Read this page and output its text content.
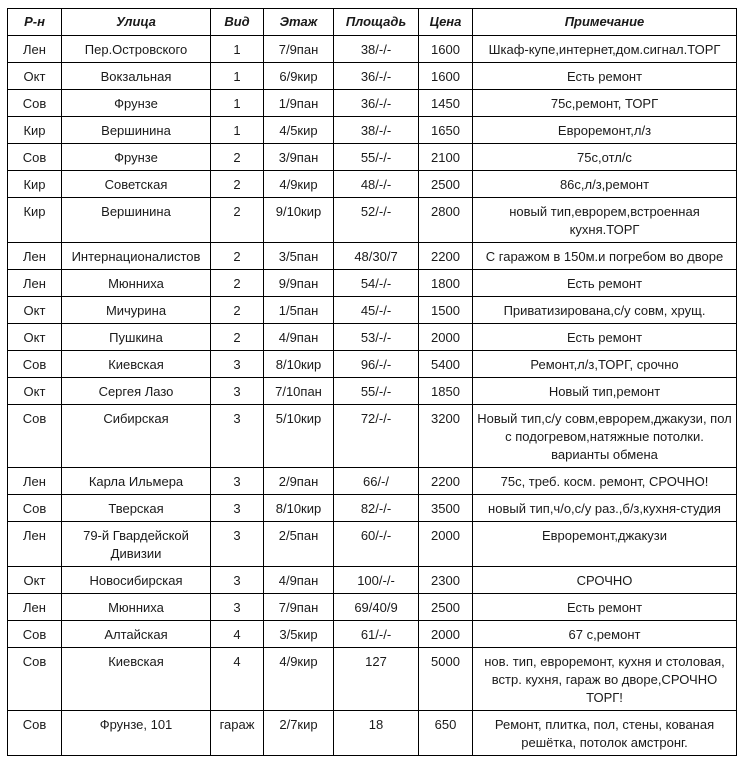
Р-н	Улица	Вид	Этаж	Площадь	Цена	Примечание
Лен	Пер.Островского	1	7/9пан	38/-/-	1600	Шкаф-купе,интернет,дом.сигнал.ТОРГ
Окт	Вокзальная	1	6/9кир	36/-/-	1600	Есть ремонт
Сов	Фрунзе	1	1/9пан	36/-/-	1450	75с,ремонт, ТОРГ
Кир	Вершинина	1	4/5кир	38/-/-	1650	Евроремонт,л/з
Сов	Фрунзе	2	3/9пан	55/-/-	2100	75с,отл/с
Кир	Советская	2	4/9кир	48/-/-	2500	86с,л/з,ремонт
Кир	Вершинина	2	9/10кир	52/-/-	2800	новый тип,еврорем,встроенная кухня.ТОРГ
Лен	Интернационалистов	2	3/5пан	48/30/7	2200	С гаражом в 150м.и погребом во дворе
Лен	Мюнниха	2	9/9пан	54/-/-	1800	Есть ремонт
Окт	Мичурина	2	1/5пан	45/-/-	1500	Приватизирована,с/у совм, хрущ.
Окт	Пушкина	2	4/9пан	53/-/-	2000	Есть ремонт
Сов	Киевская	3	8/10кир	96/-/-	5400	Ремонт,л/з,ТОРГ, срочно
Окт	Сергея Лазо	3	7/10пан	55/-/-	1850	Новый тип,ремонт
Сов	Сибирская	3	5/10кир	72/-/-	3200	Новый тип,с/у совм,еврорем,джакузи, пол с подогревом,натяжные потолки. варианты обмена
Лен	Карла Ильмера	3	2/9пан	66/-/	2200	75с, треб. косм. ремонт, СРОЧНО!
Сов	Тверская	3	8/10кир	82/-/-	3500	новый тип,ч/о,с/у раз.,б/з,кухня-студия
Лен	79-й Гвардейской Дивизии	3	2/5пан	60/-/-	2000	Евроремонт,джакузи
Окт	Новосибирская	3	4/9пан	100/-/-	2300	СРОЧНО
Лен	Мюнниха	3	7/9пан	69/40/9	2500	Есть ремонт
Сов	Алтайская	4	3/5кир	61/-/-	2000	67 с,ремонт
Сов	Киевская	4	4/9кир	127	5000	нов. тип, евроремонт, кухня и столовая, встр. кухня, гараж во дворе,СРОЧНО ТОРГ!
Сов	Фрунзе, 101	гараж	2/7кир	18	650	Ремонт, плитка, пол, стены, кованая решётка, потолок амстронг.
